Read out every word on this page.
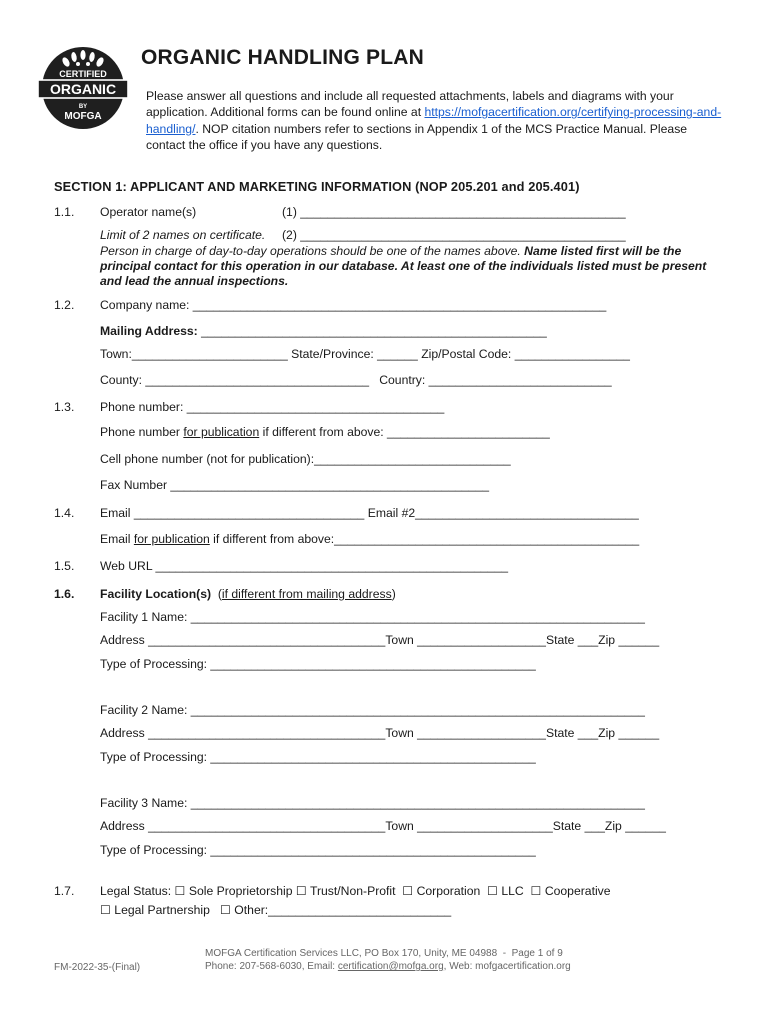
CERTIFIED
ORGANIC
BY
MOFGA
ORGANIC HANDLING PLAN
Please answer all questions and include all requested attachments, labels and diagrams with your application. Additional forms can be found online at https://mofgacertification.org/certifying-processing-and-handling/. NOP citation numbers refer to sections in Appendix 1 of the MCS Practice Manual. Please contact the office if you have any questions.
SECTION 1: APPLICANT AND MARKETING INFORMATION (NOP 205.201 and 205.401)
1.1. Operator name(s)	(1) ________________________________________________
Limit of 2 names on certificate. (2) ________________________________________________
Person in charge of day-to-day operations should be one of the names above. Name listed first will be the principal contact for this operation in our database. At least one of the individuals listed must be present and lead the annual inspections.
1.2. Company name: _____________________________________________________________
Mailing Address: ___________________________________________________
Town:_______________________ State/Province: ______ Zip/Postal Code: _________________
County: _________________________________   Country: ___________________________
1.3. Phone number: ______________________________________
Phone number for publication if different from above: ________________________
Cell phone number (not for publication):_____________________________
Fax Number _______________________________________________
1.4. Email __________________________________ Email #2_________________________________
Email for publication if different from above:_____________________________________________
1.5. Web URL ____________________________________________________
1.6. Facility Location(s)  (if different from mailing address)
Facility 1 Name: ___________________________________________________________________
Address ___________________________________Town ___________________State ___Zip ______
Type of Processing: ________________________________________________
Facility 2 Name: ___________________________________________________________________
Address ___________________________________Town ___________________State ___Zip ______
Type of Processing: ________________________________________________
Facility 3 Name: ___________________________________________________________________
Address ___________________________________Town ____________________State ___Zip ______
Type of Processing: ________________________________________________
1.7. Legal Status: ☐ Sole Proprietorship ☐ Trust/Non-Profit  ☐ Corporation  ☐ LLC  ☐ Cooperative
☐ Legal Partnership   ☐ Other:___________________________
FM-2022-35-(Final)
MOFGA Certification Services LLC, PO Box 170, Unity, ME 04988  -  Page 1 of 9
Phone: 207-568-6030, Email: certification@mofga.org, Web: mofgacertification.org
